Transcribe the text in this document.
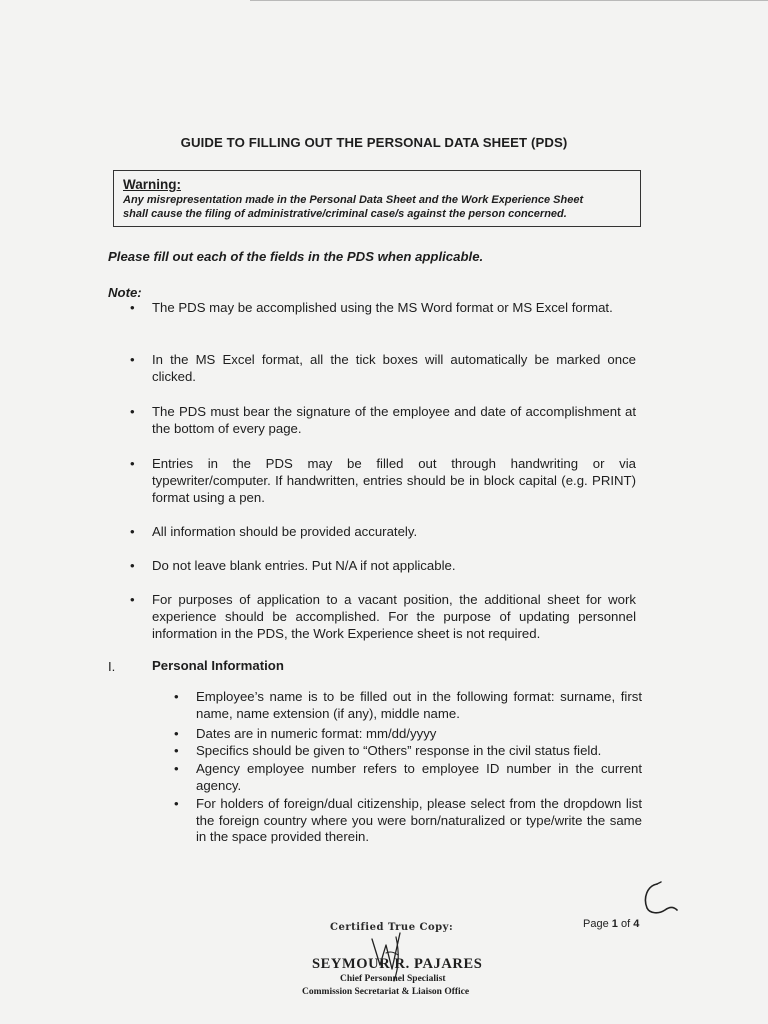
GUIDE TO FILLING OUT THE PERSONAL DATA SHEET (PDS)
Warning:
Any misrepresentation made in the Personal Data Sheet and the Work Experience Sheet
shall cause the filing of administrative/criminal case/s against the person concerned.
Please fill out each of the fields in the PDS when applicable.
Note:
• The PDS may be accomplished using the MS Word format or MS Excel format.
• In the MS Excel format, all the tick boxes will automatically be marked once clicked.
• The PDS must bear the signature of the employee and date of accomplishment at the bottom of every page.
• Entries in the PDS may be filled out through handwriting or via typewriter/computer. If handwritten, entries should be in block capital (e.g. PRINT) format using a pen.
• All information should be provided accurately.
• Do not leave blank entries. Put N/A if not applicable.
• For purposes of application to a vacant position, the additional sheet for work experience should be accomplished. For the purpose of updating personnel information in the PDS, the Work Experience sheet is not required.
I.	Personal Information
• Employee’s name is to be filled out in the following format: surname, first name, name extension (if any), middle name.
• Dates are in numeric format: mm/dd/yyyy
• Specifics should be given to “Others” response in the civil status field.
• Agency employee number refers to employee ID number in the current agency.
• For holders of foreign/dual citizenship, please select from the dropdown list the foreign country where you were born/naturalized or type/write the same in the space provided therein.
Certified True Copy:	Page 1 of 4
SEYMOUR R. PAJARES
Chief Personnel Specialist
Commission Secretariat & Liaison Office
